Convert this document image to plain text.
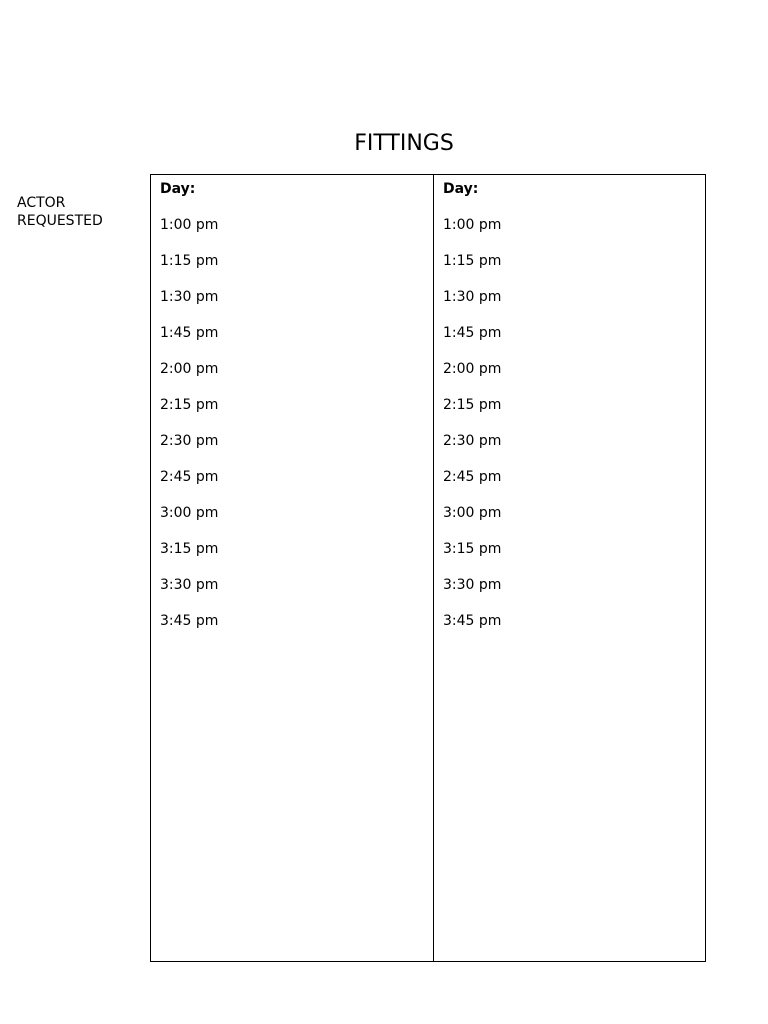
FITTINGS
ACTOR
REQUESTED
Day:
1:00 pm
1:15 pm
1:30 pm
1:45 pm
2:00 pm
2:15 pm
2:30 pm
2:45 pm
3:00 pm
3:15 pm
3:30 pm
3:45 pm
Day:
1:00 pm
1:15 pm
1:30 pm
1:45 pm
2:00 pm
2:15 pm
2:30 pm
2:45 pm
3:00 pm
3:15 pm
3:30 pm
3:45 pm
